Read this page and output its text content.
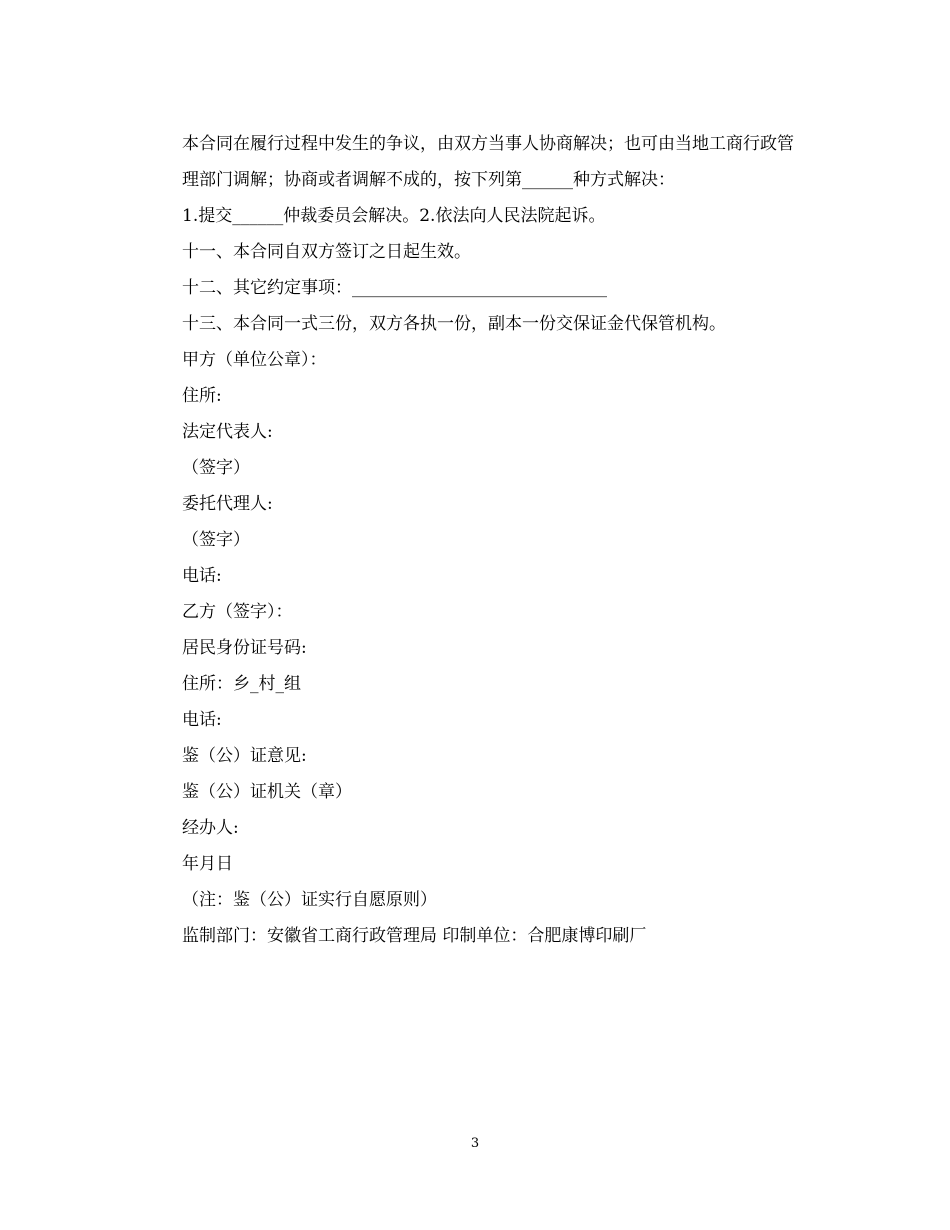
本合同在履行过程中发生的争议，由双方当事人协商解决；也可由当地工商行政管理部门调解；协商或者调解不成的，按下列第______种方式解决：

1.提交______仲裁委员会解决。2.依法向人民法院起诉。

十一、本合同自双方签订之日起生效。

十二、其它约定事项：______________________________

十三、本合同一式三份，双方各执一份，副本一份交保证金代保管机构。

甲方（单位公章）：

住所:

法定代表人:

（签字）

委托代理人:

（签字）

电话:

乙方（签字）：

居民身份证号码:

住所：乡_村_组

电话:

鉴（公）证意见:

鉴（公）证机关（章）

经办人:

年月日

（注：鉴（公）证实行自愿原则）

监制部门：安徽省工商行政管理局 印制单位：合肥康博印刷厂

3
